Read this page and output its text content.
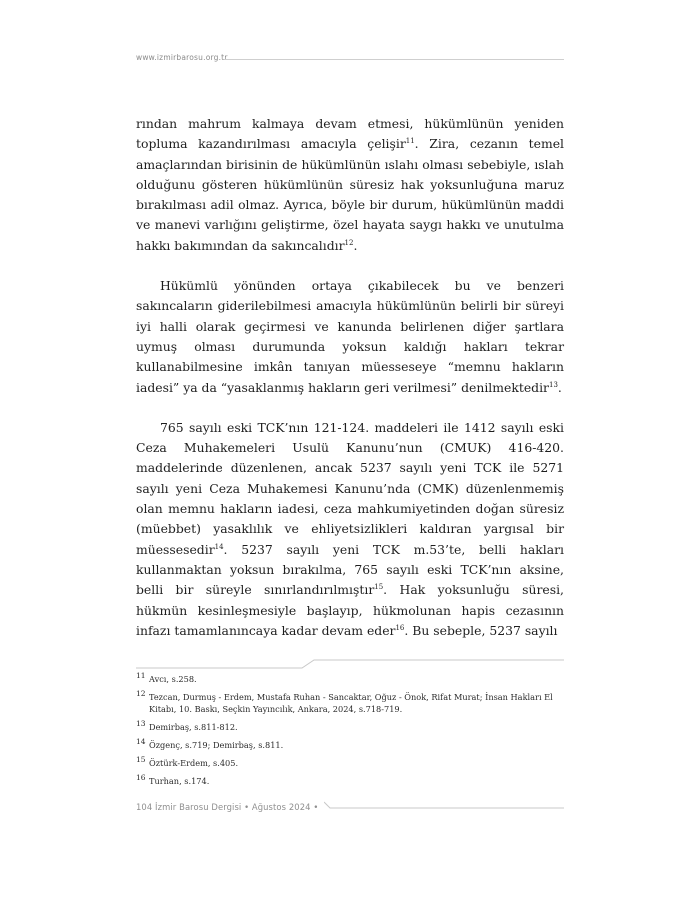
www.izmirbarosu.org.tr

rından mahrum kalmaya devam etmesi, hükümlünün yeniden topluma kazandırılması amacıyla çelişir$^{11}$. Zira, cezanın temel amaçlarından birisinin de hükümlünün ıslahı olması sebebiyle, ıslah olduğunu gösteren hükümlünün süresiz hak yoksunluğuna maruz bırakılması adil olmaz. Ayrıca, böyle bir durum, hükümlünün maddi ve manevi varlığını geliştirme, özel hayata saygı hakkı ve unutulma hakkı bakımından da sakıncalıdır$^{12}$.

Hükümlü yönünden ortaya çıkabilecek bu ve benzeri sakıncaların giderilebilmesi amacıyla hükümlünün belirli bir süreyi iyi halli olarak geçirmesi ve kanunda belirlenen diğer şartlara uymuş olması durumunda yoksun kaldığı hakları tekrar kullanabilmesine imkân tanıyan müesseseye “memnu hakların iadesi” ya da “yasaklanmış hakların geri verilmesi” denilmektedir$^{13}$.

765 sayılı eski TCK’nın 121-124. maddeleri ile 1412 sayılı eski Ceza Muhakemeleri Usulü Kanunu’nun (CMUK) 416-420. maddelerinde düzenlenen, ancak 5237 sayılı yeni TCK ile 5271 sayılı yeni Ceza Muhakemesi Kanunu’nda (CMK) düzenlenmemiş olan memnu hakların iadesi, ceza mahkumiyetinden doğan süresiz (müebbet) yasaklılık ve ehliyetsizlikleri kaldıran yargısal bir müessesedir$^{14}$. 5237 sayılı yeni TCK m.53’te, belli hakları kullanmaktan yoksun bırakılma, 765 sayılı eski TCK’nın aksine, belli bir süreyle sınırlandırılmıştır$^{15}$. Hak yoksunluğu süresi, hükmün kesinleşmesiyle başlayıp, hükmolunan hapis cezasının infazı tamamlanıncaya kadar devam eder$^{16}$. Bu sebeple, 5237 sayılı

11 Avcı, s.258.
12 Tezcan, Durmuş - Erdem, Mustafa Ruhan - Sancaktar, Oğuz - Önok, Rifat Murat; İnsan Hakları El Kitabı, 10. Baskı, Seçkin Yayıncılık, Ankara, 2024, s.718-719.
13 Demirbaş, s.811-812.
14 Özgenç, s.719; Demirbaş, s.811.
15 Öztürk-Erdem, s.405.
16 Turhan, s.174.
104 İzmir Barosu Dergisi • Ağustos 2024 •
